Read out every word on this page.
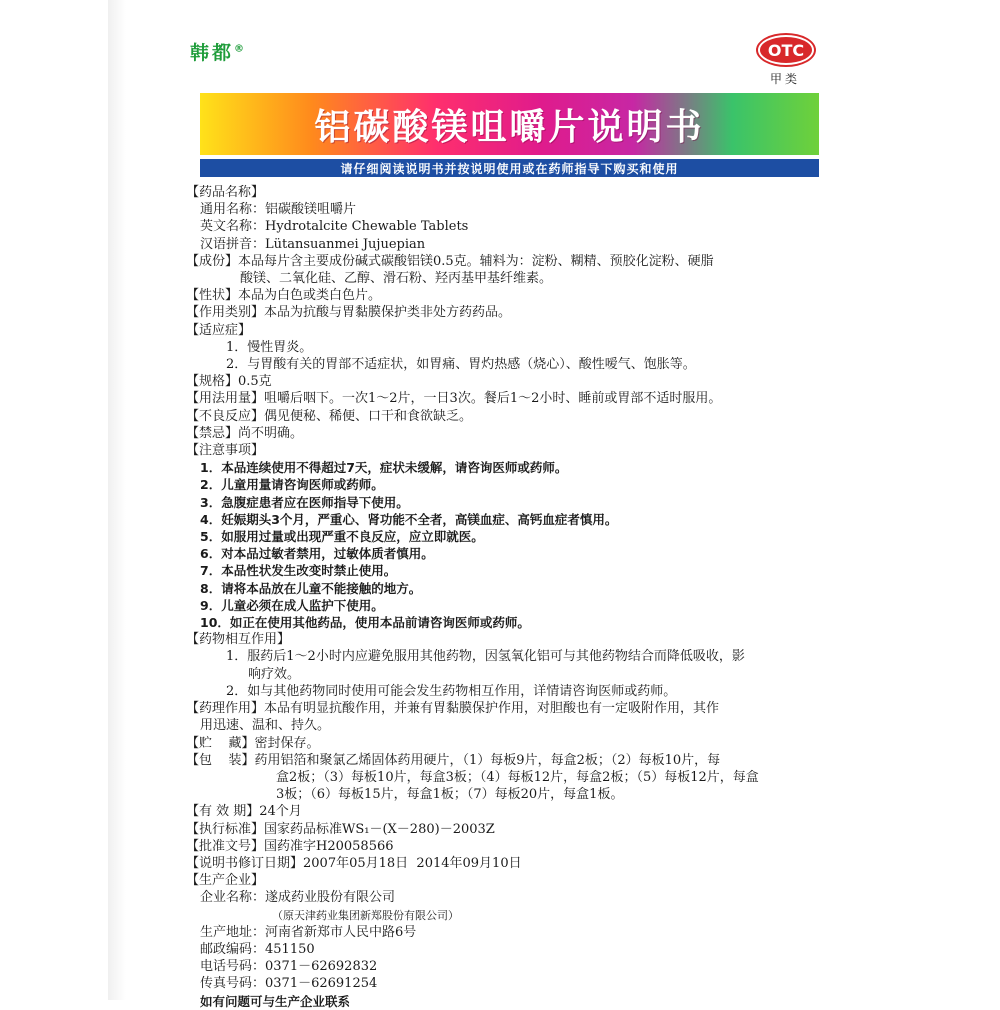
韩都®	OTC
甲类
铝碳酸镁咀嚼片说明书
请仔细阅读说明书并按说明使用或在药师指导下购买和使用
【药品名称】
通用名称：铝碳酸镁咀嚼片
英文名称：Hydrotalcite Chewable Tablets
汉语拼音：Lütansuanmei Jujuepian
【成份】本品每片含主要成份碱式碳酸铝镁0.5克。辅料为：淀粉、糊精、预胶化淀粉、硬脂
酸镁、二氧化硅、乙醇、滑石粉、羟丙基甲基纤维素。
【性状】本品为白色或类白色片。
【作用类别】本品为抗酸与胃黏膜保护类非处方药药品。
【适应症】
1．慢性胃炎。
2．与胃酸有关的胃部不适症状，如胃痛、胃灼热感（烧心）、酸性嗳气、饱胀等。
【规格】0.5克
【用法用量】咀嚼后咽下。一次1～2片，一日3次。餐后1～2小时、睡前或胃部不适时服用。
【不良反应】偶见便秘、稀便、口干和食欲缺乏。
【禁忌】尚不明确。
【注意事项】
1．本品连续使用不得超过7天，症状未缓解，请咨询医师或药师。
2．儿童用量请咨询医师或药师。
3．急腹症患者应在医师指导下使用。
4．妊娠期头3个月，严重心、肾功能不全者，高镁血症、高钙血症者慎用。
5．如服用过量或出现严重不良反应，应立即就医。
6．对本品过敏者禁用，过敏体质者慎用。
7．本品性状发生改变时禁止使用。
8．请将本品放在儿童不能接触的地方。
9．儿童必须在成人监护下使用。
10．如正在使用其他药品，使用本品前请咨询医师或药师。
【药物相互作用】
1．服药后1～2小时内应避免服用其他药物，因氢氧化铝可与其他药物结合而降低吸收，影
响疗效。
2．如与其他药物同时使用可能会发生药物相互作用，详情请咨询医师或药师。
【药理作用】本品有明显抗酸作用，并兼有胃黏膜保护作用，对胆酸也有一定吸附作用，其作
用迅速、温和、持久。
【贮    藏】密封保存。
【包    装】药用铝箔和聚氯乙烯固体药用硬片，（1）每板9片，每盒2板；（2）每板10片，每
盒2板；（3）每板10片，每盒3板；（4）每板12片，每盒2板；（5）每板12片，每盒
3板；（6）每板15片，每盒1板；（7）每板20片，每盒1板。
【有 效 期】24个月
【执行标准】国家药品标准WS₁－(X－280)－2003Z
【批准文号】国药准字H20058566
【说明书修订日期】2007年05月18日  2014年09月10日
【生产企业】
企业名称：遂成药业股份有限公司
（原天津药业集团新郑股份有限公司）
生产地址：河南省新郑市人民中路6号
邮政编码：451150
电话号码：0371－62692832
传真号码：0371－62691254
如有问题可与生产企业联系
